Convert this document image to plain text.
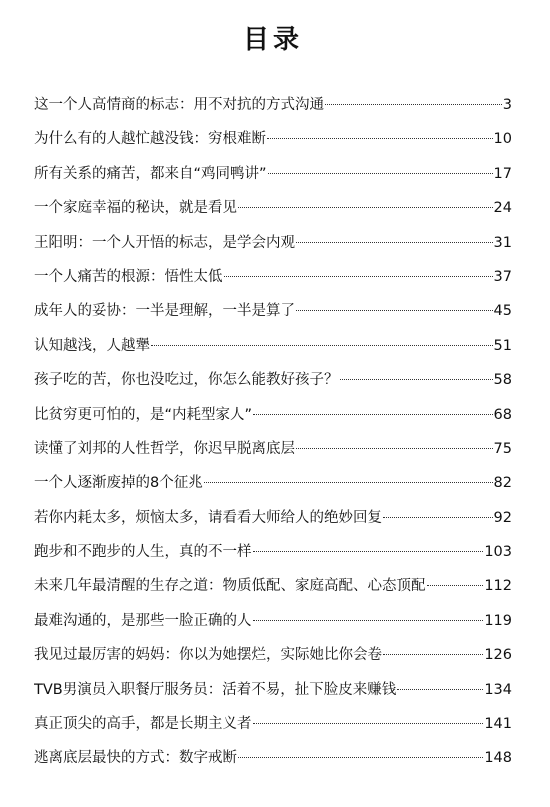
目录
这一个人高情商的标志：用不对抗的方式沟通	3
为什么有的人越忙越没钱：穷根难断	10
所有关系的痛苦，都来自“鸡同鸭讲”	17
一个家庭幸福的秘诀，就是看见	24
王阳明：一个人开悟的标志，是学会内观	31
一个人痛苦的根源：悟性太低	37
成年人的妥协：一半是理解，一半是算了	45
认知越浅，人越犟	51
孩子吃的苦，你也没吃过，你怎么能教好孩子？	58
比贫穷更可怕的，是“内耗型家人”	68
读懂了刘邦的人性哲学，你迟早脱离底层	75
一个人逐渐废掉的8个征兆	82
若你内耗太多，烦恼太多，请看看大师给人的绝妙回复	92
跑步和不跑步的人生，真的不一样	103
未来几年最清醒的生存之道：物质低配、家庭高配、心态顶配	112
最难沟通的，是那些一脸正确的人	119
我见过最厉害的妈妈：你以为她摆烂，实际她比你会卷	126
TVB男演员入职餐厅服务员：活着不易，扯下脸皮来赚钱	134
真正顶尖的高手，都是长期主义者	141
逃离底层最快的方式：数字戒断	148
